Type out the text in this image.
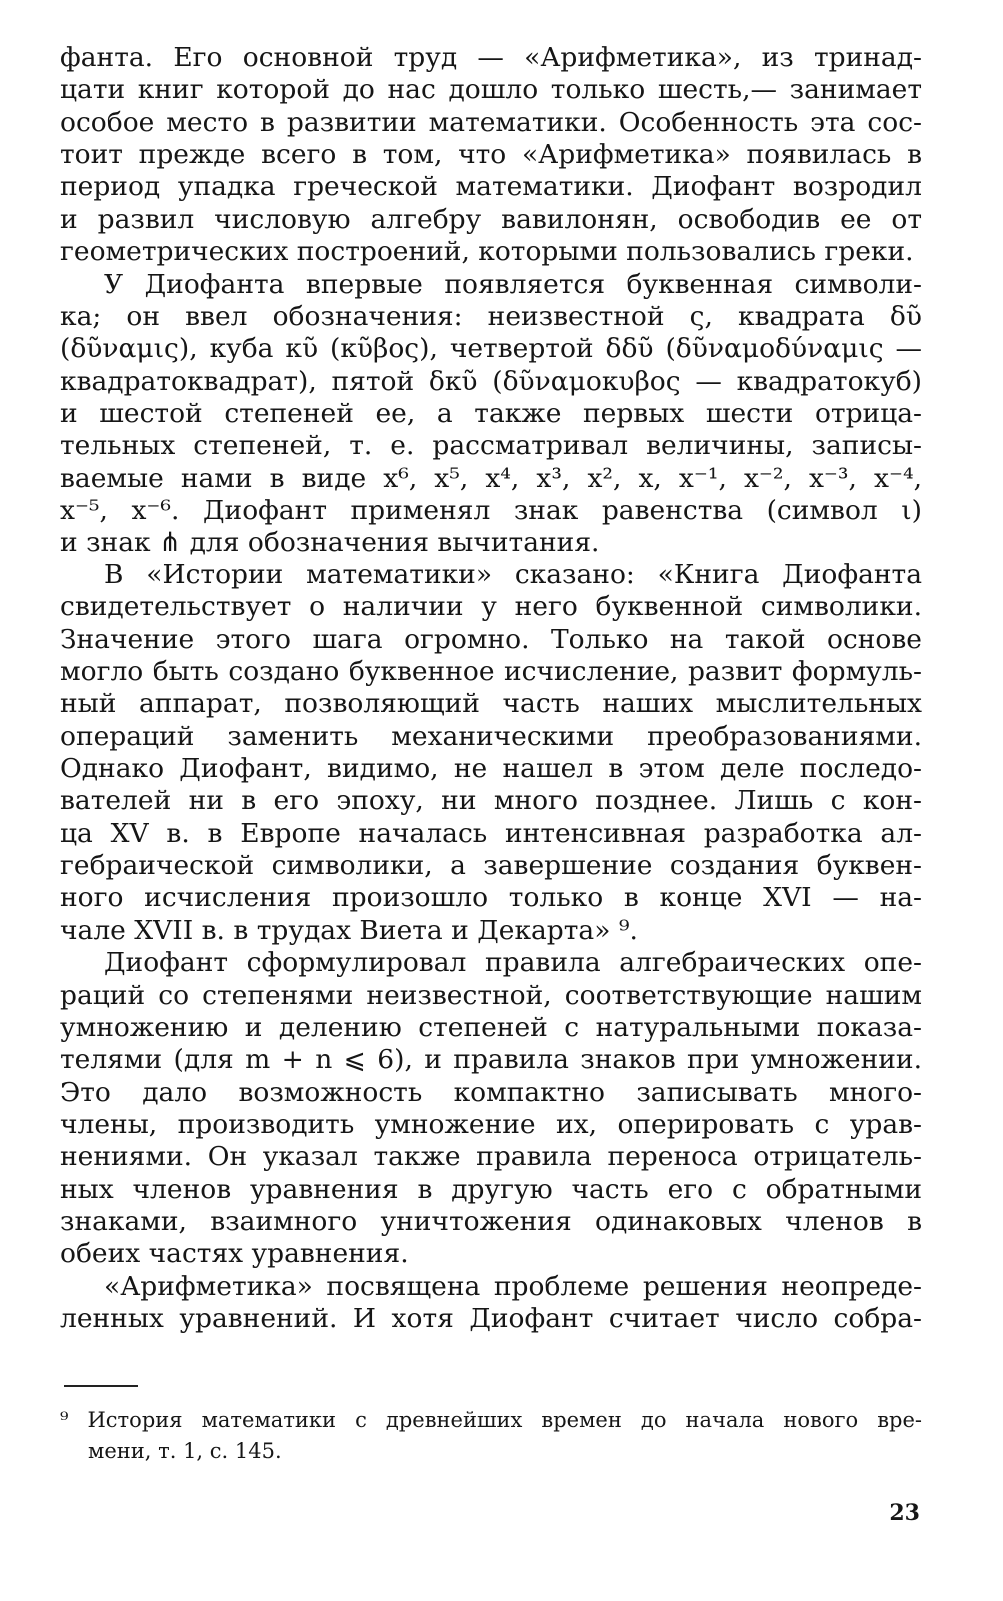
фанта. Его основной труд — «Арифметика», из тринад-
цати книг которой до нас дошло только шесть,— занимает
особое место в развитии математики. Особенность эта сос-
тоит прежде всего в том, что «Арифметика» появилась в
период упадка греческой математики. Диофант возродил
и развил числовую алгебру вавилонян, освободив ее от
геометрических построений, которыми пользовались греки.
У Диофанта впервые появляется буквенная символи-
ка; он ввел обозначения: неизвестной ς, квадрата δῦ
(δῦναμις), куба κῦ (κῦβος), четвертой δδῦ (δῦναμοδύναμις —
квадратоквадрат), пятой δκῦ (δῦναμοκυβος — квадратокуб)
и шестой степеней ее, а также первых шести отрица-
тельных степеней, т. е. рассматривал величины, записы-
ваемые нами в виде x⁶, x⁵, x⁴, x³, x², x, x⁻¹, x⁻², x⁻³, x⁻⁴,
x⁻⁵, x⁻⁶. Диофант применял знак равенства (символ ι)
и знак ⋔ для обозначения вычитания.
В «Истории математики» сказано: «Книга Диофанта
свидетельствует о наличии у него буквенной символики.
Значение этого шага огромно. Только на такой основе
могло быть создано буквенное исчисление, развит формуль-
ный аппарат, позволяющий часть наших мыслительных
операций заменить механическими преобразованиями.
Однако Диофант, видимо, не нашел в этом деле последо-
вателей ни в его эпоху, ни много позднее. Лишь с кон-
ца XV в. в Европе началась интенсивная разработка ал-
гебраической символики, а завершение создания буквен-
ного исчисления произошло только в конце XVI — на-
чале XVII в. в трудах Виета и Декарта» ⁹.
Диофант сформулировал правила алгебраических опе-
раций со степенями неизвестной, соответствующие нашим
умножению и делению степеней с натуральными показа-
телями (для m + n ⩽ 6), и правила знаков при умножении.
Это дало возможность компактно записывать много-
члены, производить умножение их, оперировать с урав-
нениями. Он указал также правила переноса отрицатель-
ных членов уравнения в другую часть его с обратными
знаками, взаимного уничтожения одинаковых членов в
обеих частях уравнения.
«Арифметика» посвящена проблеме решения неопреде-
ленных уравнений. И хотя Диофант считает число собра-
⁹ История математики с древнейших времен до начала нового вре-
мени, т. 1, с. 145.
23
